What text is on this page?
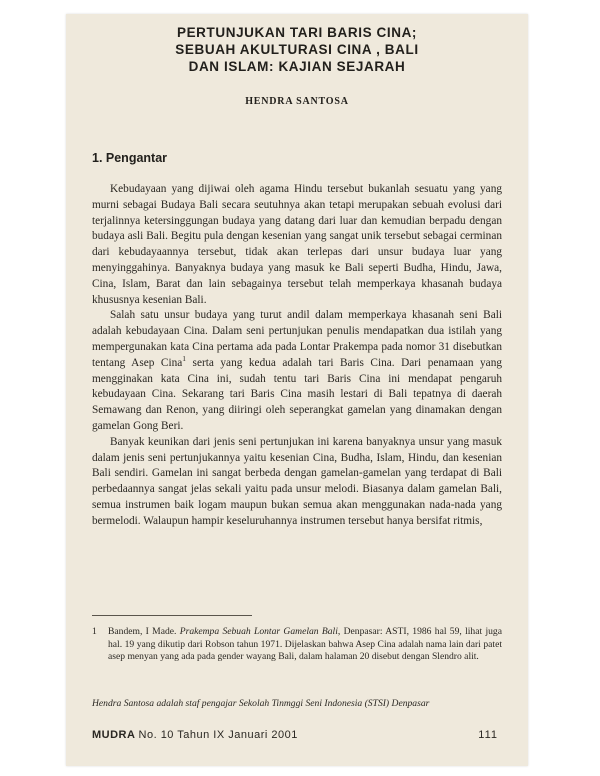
PERTUNJUKAN TARI BARIS CINA;
SEBUAH AKULTURASI CINA , BALI
DAN ISLAM: KAJIAN SEJARAH
HENDRA SANTOSA
1. Pengantar

Kebudayaan yang dijiwai oleh agama Hindu tersebut bukanlah sesuatu yang yang murni sebagai Budaya Bali secara seutuhnya akan tetapi merupakan sebuah evolusi dari terjalinnya ketersinggungan budaya yang datang dari luar dan kemudian berpadu dengan budaya asli Bali. Begitu pula dengan kesenian yang sangat unik tersebut sebagai cerminan dari kebudayaannya tersebut, tidak akan terlepas dari unsur budaya luar yang menyinggahinya. Banyaknya budaya yang masuk ke Bali seperti Budha, Hindu, Jawa, Cina, Islam, Barat dan lain sebagainya tersebut telah memperkaya khasanah budaya khususnya kesenian Bali.

Salah satu unsur budaya yang turut andil dalam memperkaya khasanah seni Bali adalah kebudayaan Cina. Dalam seni pertunjukan penulis mendapatkan dua istilah yang mempergunakan kata Cina pertama ada pada Lontar Prakempa pada nomor 31 disebutkan tentang Asep Cina$^1$ serta yang kedua adalah tari Baris Cina. Dari penamaan yang mengginakan kata Cina ini, sudah tentu tari Baris Cina ini mendapat pengaruh kebudayaan Cina. Sekarang tari Baris Cina masih lestari di Bali tepatnya di daerah Semawang dan Renon, yang diiringi oleh seperangkat gamelan yang dinamakan dengan gamelan Gong Beri.

Banyak keunikan dari jenis seni pertunjukan ini karena banyaknya unsur yang masuk dalam jenis seni pertunjukannya yaitu kesenian Cina, Budha, Islam, Hindu, dan kesenian Bali sendiri. Gamelan ini sangat berbeda dengan gamelan-gamelan yang terdapat di Bali perbedaannya sangat jelas sekali yaitu pada unsur melodi. Biasanya dalam gamelan Bali, semua instrumen baik logam maupun bukan semua akan menggunakan nada-nada yang bermelodi. Walaupun hampir keseluruhannya instrumen tersebut hanya bersifat ritmis,

1	Bandem, I Made. Prakempa Sebuah Lontar Gamelan Bali, Denpasar: ASTI, 1986 hal 59, lihat juga hal. 19 yang dikutip dari Robson tahun 1971. Dijelaskan bahwa Asep Cina adalah nama lain dari patet asep menyan yang ada pada gender wayang Bali, dalam halaman 20 disebut dengan Slendro alit.
Hendra Santosa adalah staf pengajar Sekolah Tinmggi Seni Indonesia (STSI) Denpasar
MUDRA No. 10 Tahun IX Januari 2001	111
